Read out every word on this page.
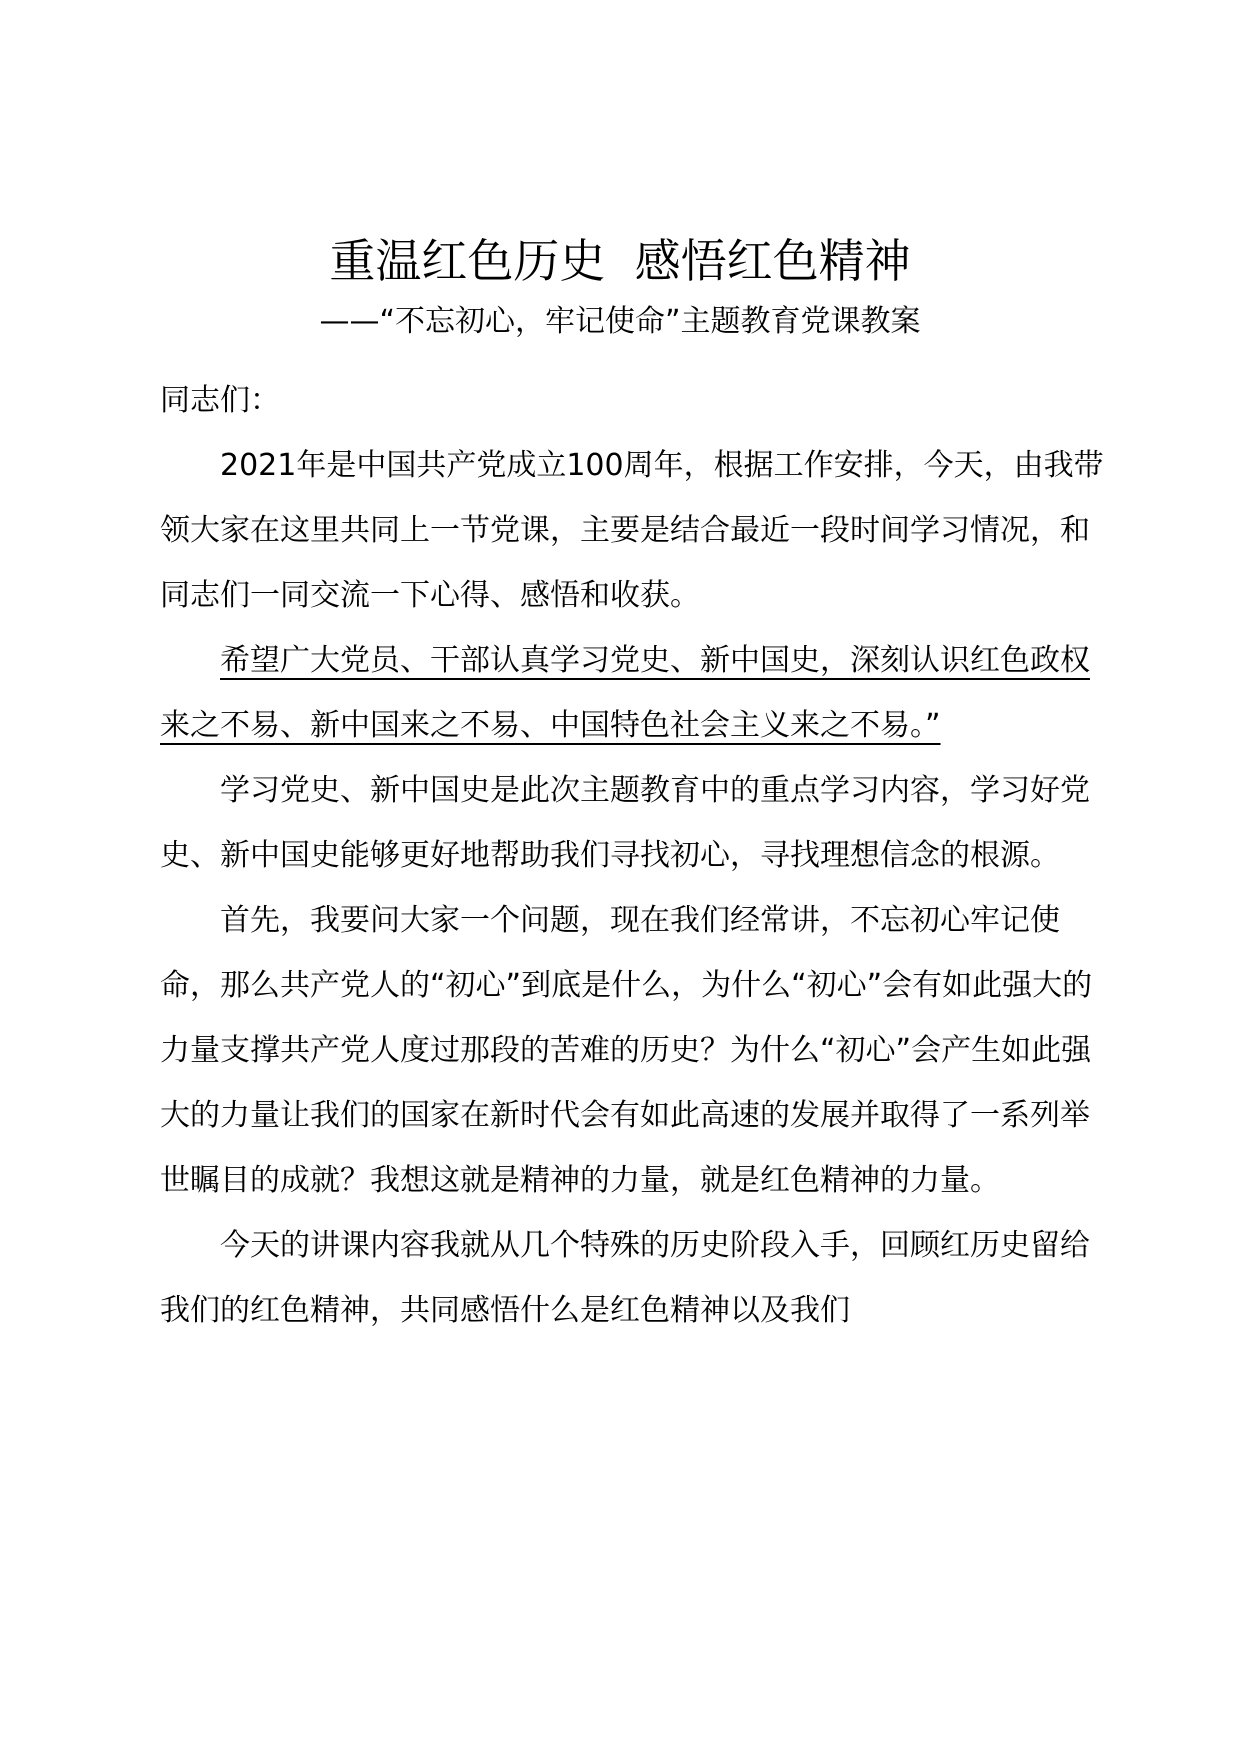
重温红色历史  感悟红色精神
——“不忘初心，牢记使命”主题教育党课教案

同志们：

2021年是中国共产党成立100周年，根据工作安排，今天，由我带领大家在这里共同上一节党课，主要是结合最近一段时间学习情况，和同志们一同交流一下心得、感悟和收获。

希望广大党员、干部认真学习党史、新中国史，深刻认识红色政权来之不易、新中国来之不易、中国特色社会主义来之不易。”

学习党史、新中国史是此次主题教育中的重点学习内容，学习好党史、新中国史能够更好地帮助我们寻找初心，寻找理想信念的根源。

首先，我要问大家一个问题，现在我们经常讲，不忘初心牢记使命，那么共产党人的“初心”到底是什么，为什么“初心”会有如此强大的力量支撑共产党人度过那段的苦难的历史？为什么“初心”会产生如此强大的力量让我们的国家在新时代会有如此高速的发展并取得了一系列举世瞩目的成就？我想这就是精神的力量，就是红色精神的力量。

今天的讲课内容我就从几个特殊的历史阶段入手，回顾红历史留给我们的红色精神，共同感悟什么是红色精神以及我们
